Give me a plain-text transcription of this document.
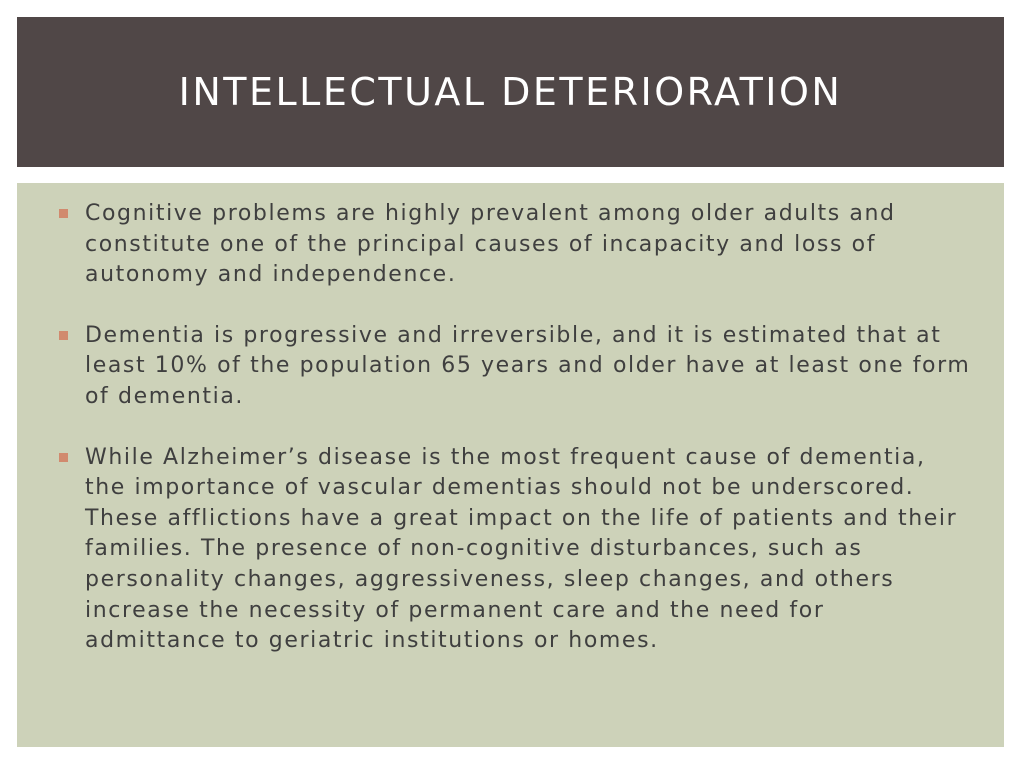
INTELLECTUAL DETERIORATION
Cognitive problems are highly prevalent among older adults and constitute one of the principal causes of incapacity and loss of autonomy and independence.
Dementia is progressive and irreversible, and it is estimated that at least 10% of the population 65 years and older have at least one form of dementia.
While Alzheimer’s disease is the most frequent cause of dementia, the importance of vascular dementias should not be underscored. These afflictions have a great impact on the life of patients and their families. The presence of non-cognitive disturbances, such as personality changes, aggressiveness, sleep changes, and others increase the necessity of permanent care and the need for admittance to geriatric institutions or homes.
